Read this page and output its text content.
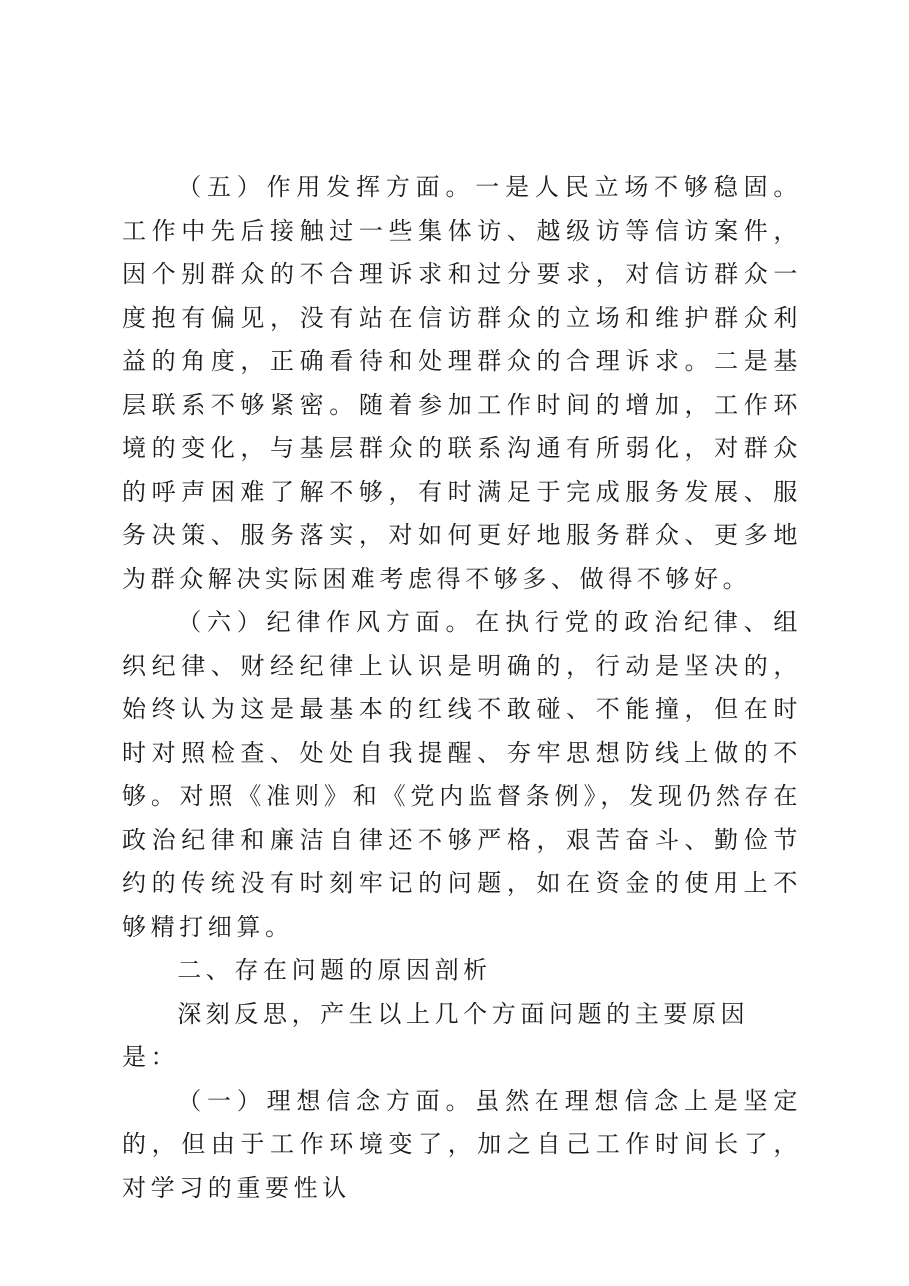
（五）作用发挥方面。一是人民立场不够稳固。工作中先后接触过一些集体访、越级访等信访案件，因个别群众的不合理诉求和过分要求，对信访群众一度抱有偏见，没有站在信访群众的立场和维护群众利益的角度，正确看待和处理群众的合理诉求。二是基层联系不够紧密。随着参加工作时间的增加，工作环境的变化，与基层群众的联系沟通有所弱化，对群众的呼声困难了解不够，有时满足于完成服务发展、服务决策、服务落实，对如何更好地服务群众、更多地为群众解决实际困难考虑得不够多、做得不够好。

（六）纪律作风方面。在执行党的政治纪律、组织纪律、财经纪律上认识是明确的，行动是坚决的，始终认为这是最基本的红线不敢碰、不能撞，但在时时对照检查、处处自我提醒、夯牢思想防线上做的不够。对照《准则》和《党内监督条例》，发现仍然存在政治纪律和廉洁自律还不够严格，艰苦奋斗、勤俭节约的传统没有时刻牢记的问题，如在资金的使用上不够精打细算。

二、存在问题的原因剖析

深刻反思，产生以上几个方面问题的主要原因是：

（一）理想信念方面。虽然在理想信念上是坚定的，但由于工作环境变了，加之自己工作时间长了，对学习的重要性认
